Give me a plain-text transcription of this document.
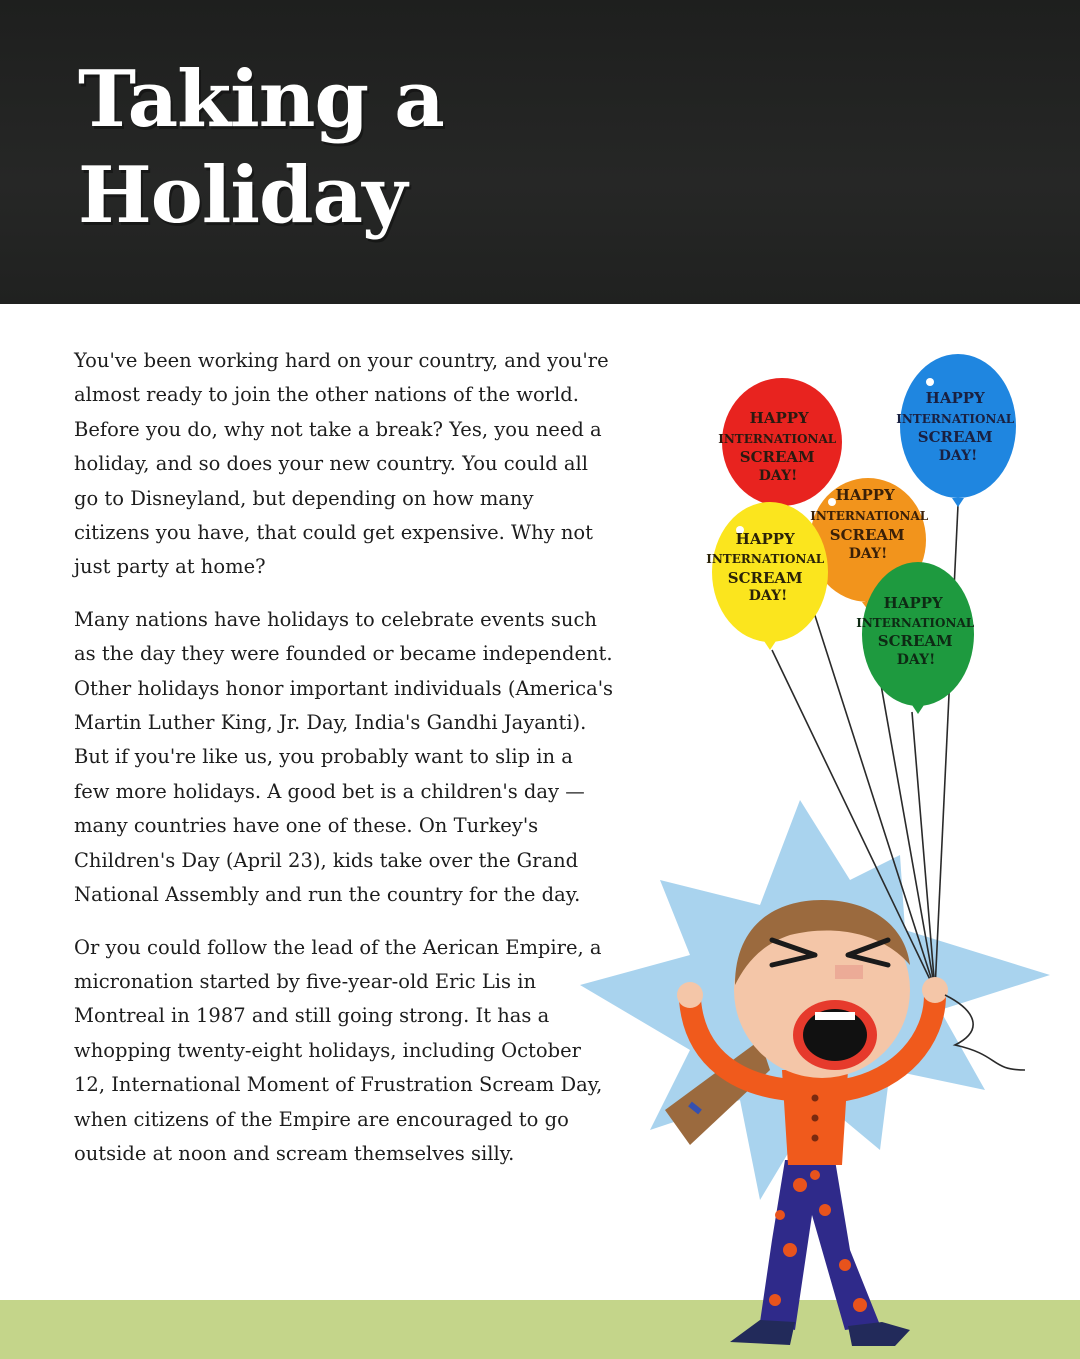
Taking a
Holiday

You've been working hard on your country, and you're almost ready to join the other nations of the world. Before you do, why not take a break? Yes, you need a holiday, and so does your new country. You could all go to Disneyland, but depending on how many citizens you have, that could get expensive. Why not just party at home?

Many nations have holidays to celebrate events such as the day they were founded or became independent. Other holidays honor important individuals (America's Martin Luther King, Jr. Day, India's Gandhi Jayanti). But if you're like us, you probably want to slip in a few more holidays. A good bet is a children's day — many countries have one of these. On Turkey's Children's Day (April 23), kids take over the Grand National Assembly and run the country for the day.

Or you could follow the lead of the Aerican Empire, a micronation started by five-year-old Eric Lis in Montreal in 1987 and still going strong. It has a whopping twenty-eight holidays, including October 12, International Moment of Frustration Scream Day, when citizens of the Empire are encouraged to go outside at noon and scream themselves silly.

HAPPY INTERNATIONAL SCREAM DAY!
HAPPY INTERNATIONAL SCREAM DAY!
HAPPY INTERNATIONAL SCREAM DAY!
HAPPY INTERNATIONAL SCREAM DAY!
HAPPY INTERNATIONAL SCREAM DAY!
